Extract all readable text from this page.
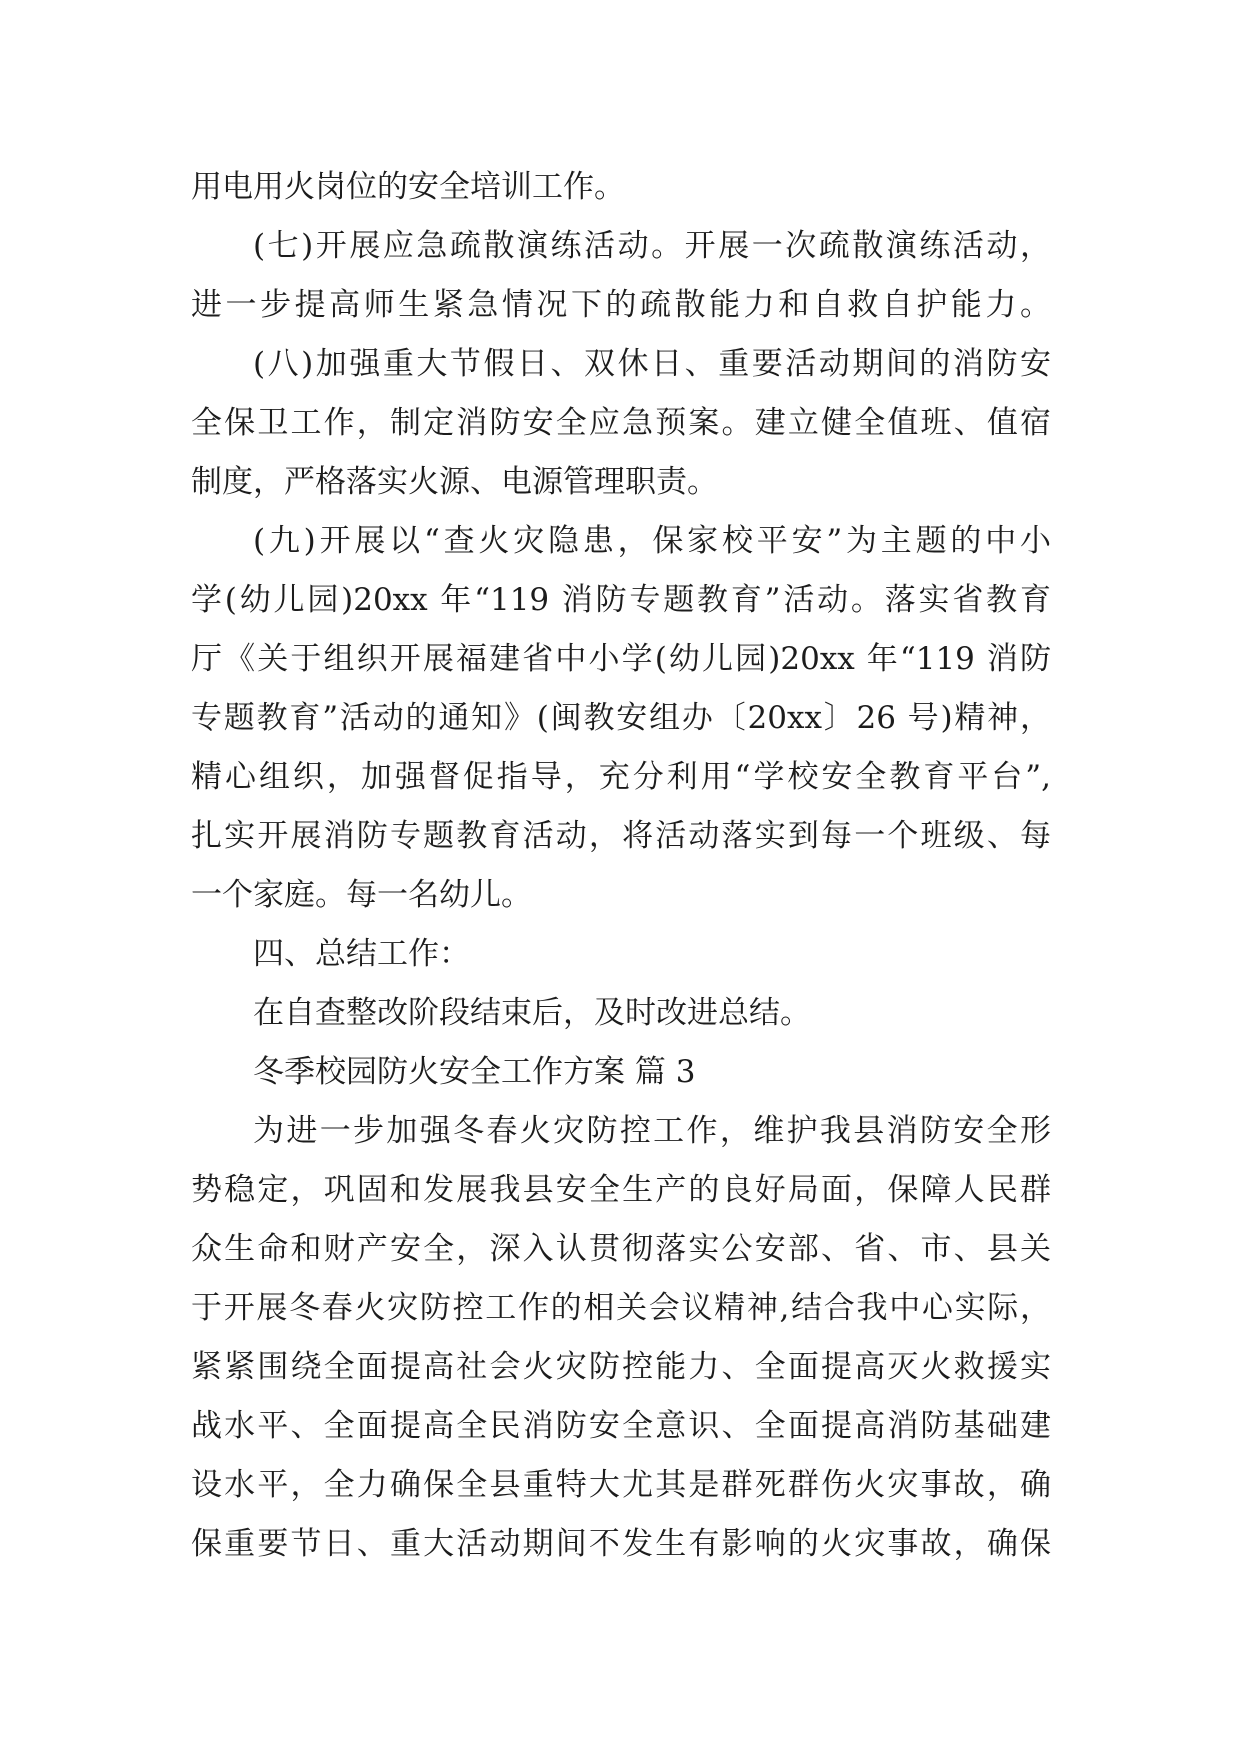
用电用火岗位的安全培训工作。

(七)开展应急疏散演练活动。开展一次疏散演练活动，

进一步提高师生紧急情况下的疏散能力和自救自护能力。

(八)加强重大节假日、双休日、重要活动期间的消防安

全保卫工作，制定消防安全应急预案。建立健全值班、值宿

制度，严格落实火源、电源管理职责。

(九)开展以“查火灾隐患，保家校平安”为主题的中小

学(幼儿园)20xx 年“119 消防专题教育”活动。落实省教育

厅《关于组织开展福建省中小学(幼儿园)20xx 年“119 消防

专题教育”活动的通知》(闽教安组办〔20xx〕26 号)精神，

精心组织，加强督促指导，充分利用“学校安全教育平台”,

扎实开展消防专题教育活动，将活动落实到每一个班级、每

一个家庭。每一名幼儿。

四、总结工作：

在自查整改阶段结束后，及时改进总结。

冬季校园防火安全工作方案 篇 3

为进一步加强冬春火灾防控工作，维护我县消防安全形

势稳定，巩固和发展我县安全生产的良好局面，保障人民群

众生命和财产安全，深入认贯彻落实公安部、省、市、县关

于开展冬春火灾防控工作的相关会议精神,结合我中心实际，

紧紧围绕全面提高社会火灾防控能力、全面提高灭火救援实

战水平、全面提高全民消防安全意识、全面提高消防基础建

设水平，全力确保全县重特大尤其是群死群伤火灾事故，确

保重要节日、重大活动期间不发生有影响的火灾事故，确保
